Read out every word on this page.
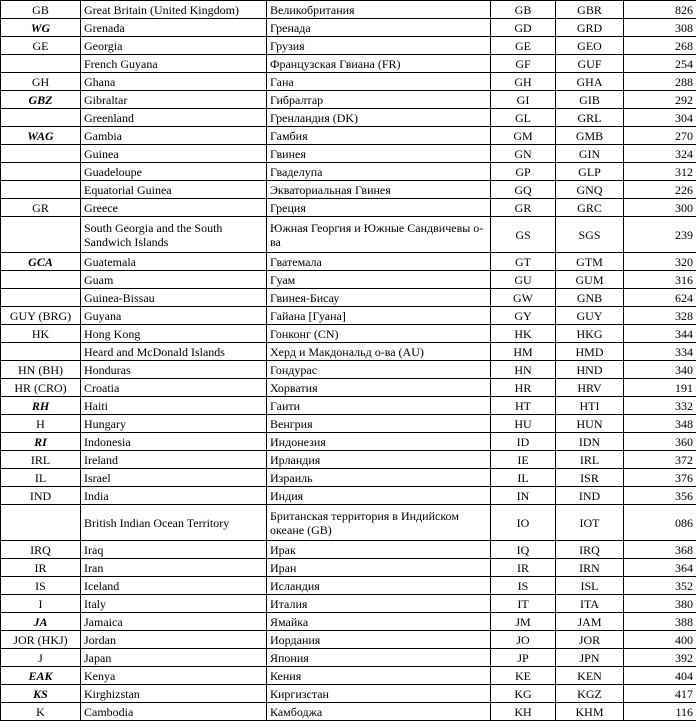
GB	Great Britain (United Kingdom)	Великобритания	GB	GBR	826
WG	Grenada	Гренада	GD	GRD	308
GE	Georgia	Грузия	GE	GEO	268
	French Guyana	Французская Гвиана (FR)	GF	GUF	254
GH	Ghana	Гана	GH	GHA	288
GBZ	Gibraltar	Гибралтар	GI	GIB	292
	Greenland	Гренландия (DK)	GL	GRL	304
WAG	Gambia	Гамбия	GM	GMB	270
	Guinea	Гвинея	GN	GIN	324
	Guadeloupe	Гваделупа	GP	GLP	312
	Equatorial Guinea	Экваториальная Гвинея	GQ	GNQ	226
GR	Greece	Греция	GR	GRC	300
	South Georgia and the South Sandwich Islands	Южная Георгия и Южные Сандвичевы о-ва	GS	SGS	239
GCA	Guatemala	Гватемала	GT	GTM	320
	Guam	Гуам	GU	GUM	316
	Guinea-Bissau	Гвинея-Бисау	GW	GNB	624
GUY (BRG)	Guyana	Гайана [Гуана]	GY	GUY	328
HK	Hong Kong	Гонконг (CN)	HK	HKG	344
	Heard and McDonald Islands	Херд и Макдональд о-ва (AU)	HM	HMD	334
HN (BH)	Honduras	Гондурас	HN	HND	340
HR (CRO)	Croatia	Хорватия	HR	HRV	191
RH	Haiti	Гаити	HT	HTI	332
H	Hungary	Венгрия	HU	HUN	348
RI	Indonesia	Индонезия	ID	IDN	360
IRL	Ireland	Ирландия	IE	IRL	372
IL	Israel	Израиль	IL	ISR	376
IND	India	Индия	IN	IND	356
	British Indian Ocean Territory	Британская территория в Индийском океане (GB)	IO	IOT	086
IRQ	Iraq	Ирак	IQ	IRQ	368
IR	Iran	Иран	IR	IRN	364
IS	Iceland	Исландия	IS	ISL	352
I	Italy	Италия	IT	ITA	380
JA	Jamaica	Ямайка	JM	JAM	388
JOR (HKJ)	Jordan	Иордания	JO	JOR	400
J	Japan	Япония	JP	JPN	392
EAK	Kenya	Кения	KE	KEN	404
KS	Kirghizstan	Киргизстан	KG	KGZ	417
K	Cambodia	Камбоджа	KH	KHM	116
